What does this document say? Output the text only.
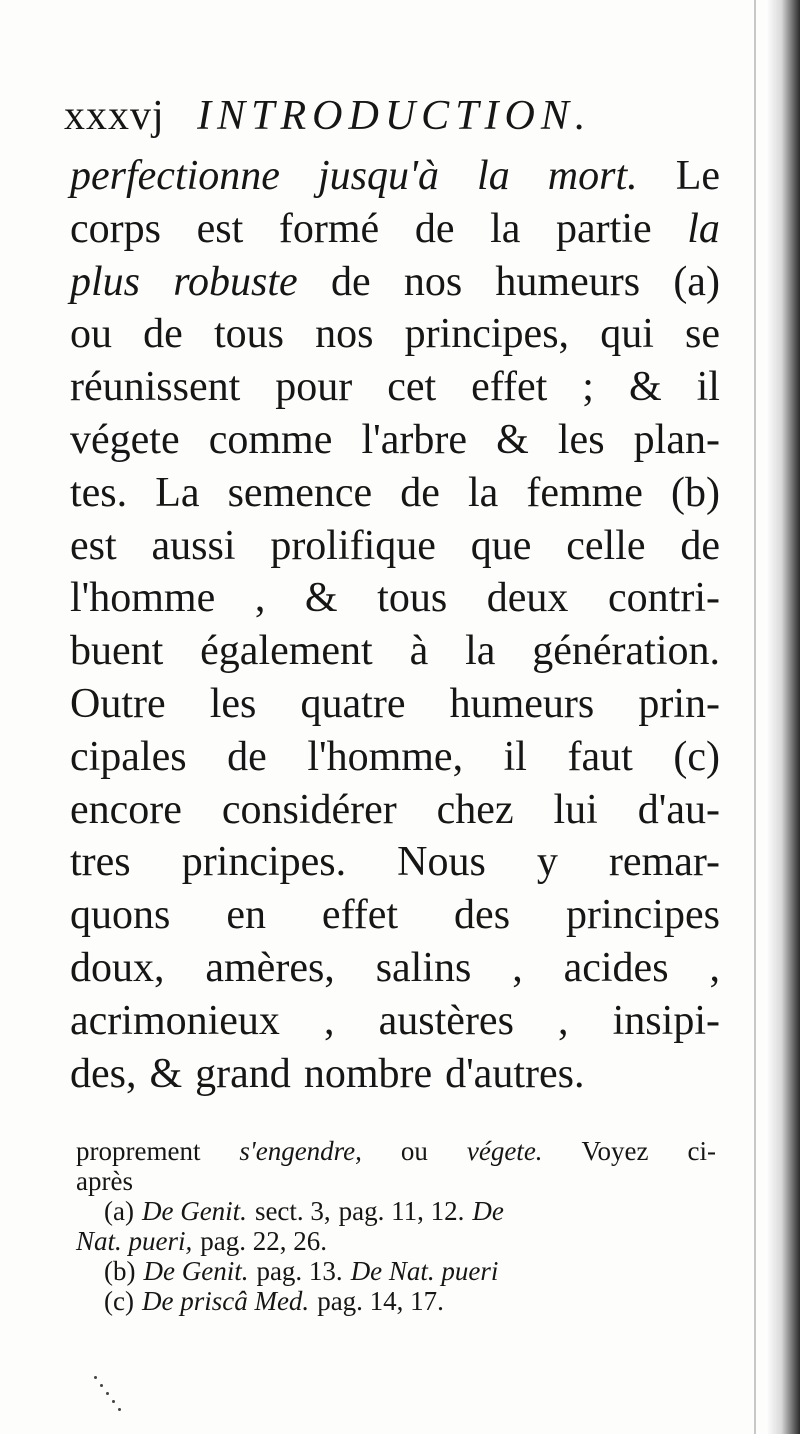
xxxvj INTRODUCTION.
perfectionne jusqu'à la mort. Le
corps est formé de la partie la
plus robuste de nos humeurs (a)
ou de tous nos principes, qui se
réunissent pour cet effet ; & il
végete comme l'arbre & les plan-
tes. La semence de la femme (b)
est aussi prolifique que celle de
l'homme , & tous deux contri-
buent également à la génération.
Outre les quatre humeurs prin-
cipales de l'homme, il faut (c)
encore considérer chez lui d'au-
tres principes. Nous y remar-
quons en effet des principes
doux, amères, salins , acides ,
acrimonieux , austères , insipi-
des, & grand nombre d'autres.
proprement s'engendre, ou végete. Voyez ci-
après
(a) De Genit. sect. 3, pag. 11, 12. De
Nat. pueri, pag. 22, 26.
(b) De Genit. pag. 13. De Nat. pueri
(c) De priscâ Med. pag. 14, 17.
